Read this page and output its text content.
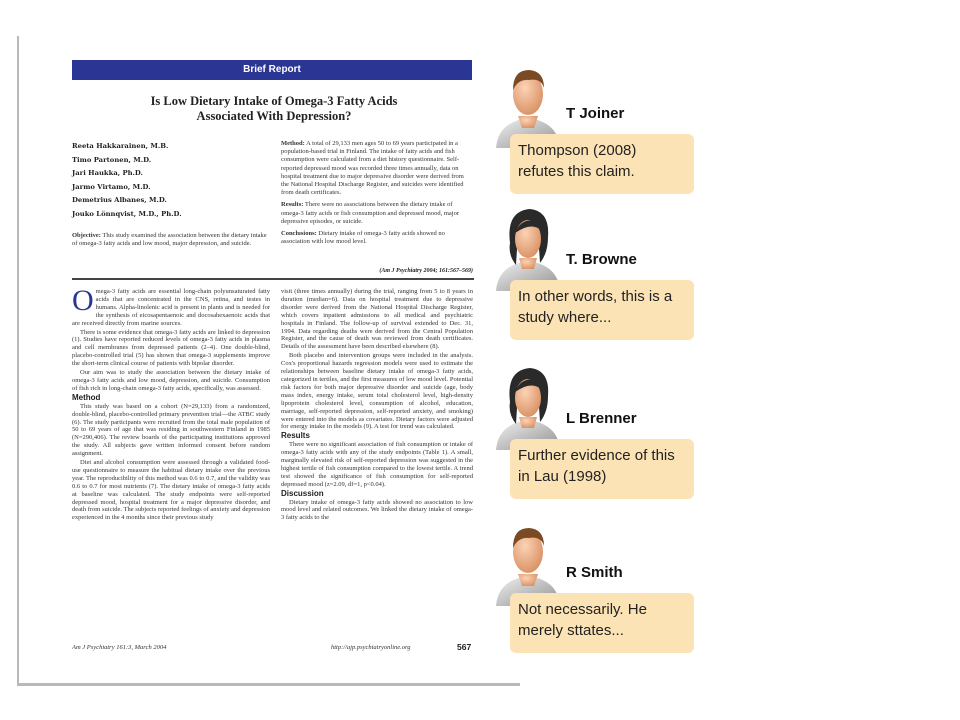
Brief Report
Is Low Dietary Intake of Omega-3 Fatty Acids
Associated With Depression?
Reeta Hakkarainen, M.B.
Timo Partonen, M.D.
Jari Haukka, Ph.D.
Jarmo Virtamo, M.D.
Demetrius Albanes, M.D.
Jouko Lönnqvist, M.D., Ph.D.
Objective: This study examined the association between the dietary intake of omega-3 fatty acids and low mood, major depression, and suicide.

Method: A total of 29,133 men ages 50 to 69 years participated in a population-based trial in Finland. The intake of fatty acids and fish consumption were calculated from a diet history questionnaire. Self-reported depressed mood was recorded three times annually, data on hospital treatment due to major depressive disorder were derived from the National Hospital Discharge Register, and suicides were identified from death certificates.

Results: There were no associations between the dietary intake of omega-3 fatty acids or fish consumption and depressed mood, major depressive episodes, or suicide.

Conclusions: Dietary intake of omega-3 fatty acids showed no association with low mood level.

(Am J Psychiatry 2004; 161:567–569)

Omega-3 fatty acids are essential long-chain polyunsaturated fatty acids that are concentrated in the CNS, retina, and testes in humans. Alpha-linolenic acid is present in plants and is needed for the synthesis of eicosapentaenoic and docosahexaenoic acids that are received directly from marine sources.

There is some evidence that omega-3 fatty acids are linked to depression (1). Studies have reported reduced levels of omega-3 fatty acids in plasma and cell membranes from depressed patients (2–4). One double-blind, placebo-controlled trial (5) has shown that omega-3 supplements improve the short-term clinical course of patients with bipolar disorder.

Our aim was to study the association between the dietary intake of omega-3 fatty acids and low mood, depression, and suicide. Consumption of fish rich in long-chain omega-3 fatty acids, specifically, was assessed.

Method

This study was based on a cohort (N=29,133) from a randomized, double-blind, placebo-controlled primary prevention trial—the ATBC study (6). The study participants were recruited from the total male population of 50 to 69 years of age that was residing in southwestern Finland in 1985 (N=290,406). The review boards of the participating institutions approved the study. All subjects gave written informed consent before random assignment.

Diet and alcohol consumption were assessed through a validated food-use questionnaire to measure the habitual dietary intake over the previous year. The reproducibility of this method was 0.6 to 0.7, and the validity was 0.6 to 0.7 for most nutrients (7). The dietary intake of omega-3 fatty acids at baseline was calculated. The study endpoints were self-reported depressed mood, hospital treatment for a major depressive disorder, and death from suicide. The subjects reported feelings of anxiety and depression experienced in the 4 months since their previous study

visit (three times annually) during the trial, ranging from 5 to 8 years in duration (median=6). Data on hospital treatment due to depressive disorder were derived from the National Hospital Discharge Register, which covers inpatient admissions to all medical and psychiatric hospitals in Finland. The follow-up of survival extended to Dec. 31, 1994. Data regarding deaths were derived from the Central Population Register, and the cause of death was reviewed from death certificates. Details of the assessment have been described elsewhere (8).

Both placebo and intervention groups were included in the analysis. Cox's proportional hazards regression models were used to estimate the relationships between baseline dietary intake of omega-3 fatty acids, categorized in tertiles, and the first measures of low mood level. Potential risk factors for both major depressive disorder and suicide (age, body mass index, energy intake, serum total cholesterol level, high-density lipoprotein cholesterol level, consumption of alcohol, education, marriage, self-reported depression, self-reported anxiety, and smoking) were entered into the models as covariates. Dietary factors were adjusted for energy intake in the models (9). A test for trend was calculated.

Results

There were no significant association of fish consumption or intake of omega-3 fatty acids with any of the study endpoints (Table 1). A small, marginally elevated risk of self-reported depression was suggested in the highest tertile of fish consumption compared to the lowest tertile. A trend test showed the significance of fish consumption for self-reported depressed mood (z=2.09, df=1, p<0.04).

Discussion

Dietary intake of omega-3 fatty acids showed no association to low mood level and related outcomes. We linked the dietary intake of omega-3 fatty acids to the

Am J Psychiatry 161:3, March 2004	http://ajp.psychiatryonline.org	567
T Joiner
Thompson (2008) refutes this claim.
T. Browne
In other words, this is a study where...
L Brenner
Further evidence of this in Lau (1998)
R Smith
Not necessarily. He merely sttates...
